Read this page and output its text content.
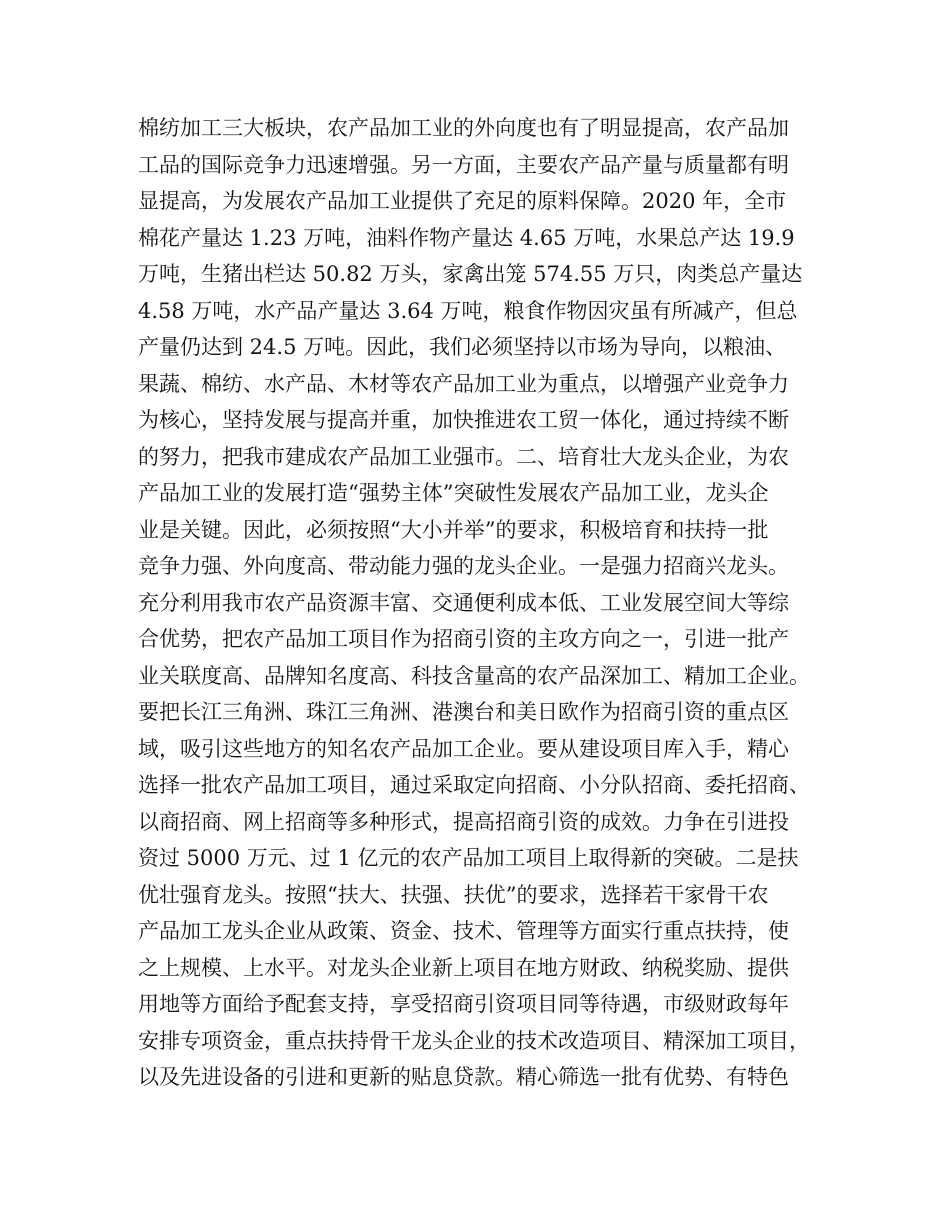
棉纺加工三大板块，农产品加工业的外向度也有了明显提高，农产品加
工品的国际竞争力迅速增强。另一方面，主要农产品产量与质量都有明
显提高，为发展农产品加工业提供了充足的原料保障。2020 年，全市
棉花产量达 1.23 万吨，油料作物产量达 4.65 万吨，水果总产达 19.9
万吨，生猪出栏达 50.82 万头，家禽出笼 574.55 万只，肉类总产量达
4.58 万吨，水产品产量达 3.64 万吨，粮食作物因灾虽有所减产，但总
产量仍达到 24.5 万吨。因此，我们必须坚持以市场为导向，以粮油、
果蔬、棉纺、水产品、木材等农产品加工业为重点，以增强产业竞争力
为核心，坚持发展与提高并重，加快推进农工贸一体化，通过持续不断
的努力，把我市建成农产品加工业强市。二、培育壮大龙头企业，为农
产品加工业的发展打造“强势主体”突破性发展农产品加工业，龙头企
业是关键。因此，必须按照“大小并举”的要求，积极培育和扶持一批
竞争力强、外向度高、带动能力强的龙头企业。一是强力招商兴龙头。
充分利用我市农产品资源丰富、交通便利成本低、工业发展空间大等综
合优势，把农产品加工项目作为招商引资的主攻方向之一，引进一批产
业关联度高、品牌知名度高、科技含量高的农产品深加工、精加工企业。
要把长江三角洲、珠江三角洲、港澳台和美日欧作为招商引资的重点区
域，吸引这些地方的知名农产品加工企业。要从建设项目库入手，精心
选择一批农产品加工项目，通过采取定向招商、小分队招商、委托招商、
以商招商、网上招商等多种形式，提高招商引资的成效。力争在引进投
资过 5000 万元、过 1 亿元的农产品加工项目上取得新的突破。二是扶
优壮强育龙头。按照“扶大、扶强、扶优”的要求，选择若干家骨干农
产品加工龙头企业从政策、资金、技术、管理等方面实行重点扶持，使
之上规模、上水平。对龙头企业新上项目在地方财政、纳税奖励、提供
用地等方面给予配套支持，享受招商引资项目同等待遇，市级财政每年
安排专项资金，重点扶持骨干龙头企业的技术改造项目、精深加工项目，
以及先进设备的引进和更新的贴息贷款。精心筛选一批有优势、有特色
